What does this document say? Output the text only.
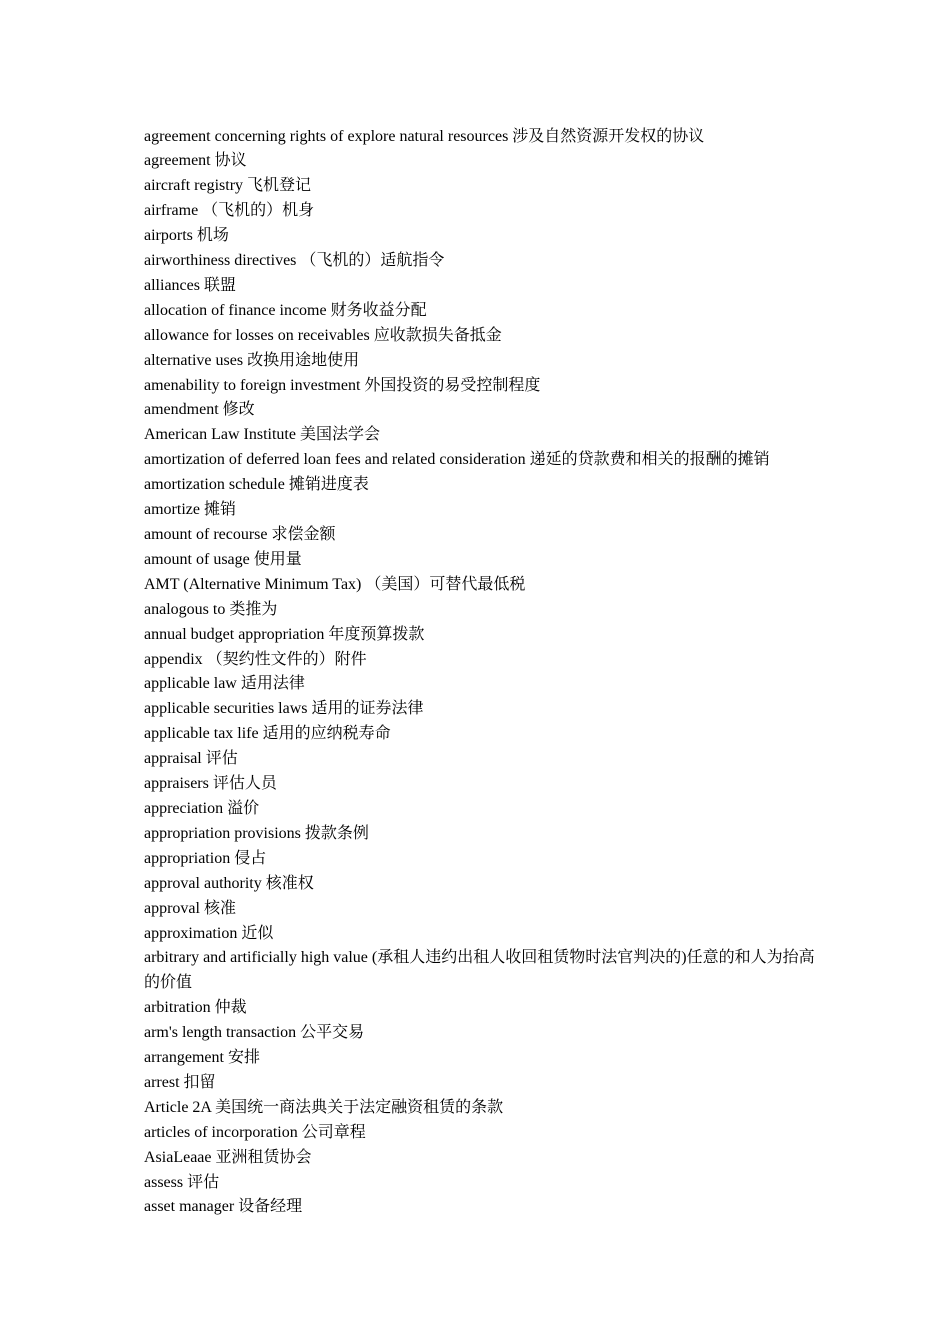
agreement concerning rights of explore natural resources 涉及自然资源开发权的协议
agreement 协议
aircraft registry 飞机登记
airframe （飞机的）机身
airports 机场
airworthiness directives （飞机的）适航指令
alliances 联盟
allocation of finance income 财务收益分配
allowance for losses on receivables 应收款损失备抵金
alternative uses 改换用途地使用
amenability to foreign investment 外国投资的易受控制程度
amendment 修改
American Law Institute 美国法学会
amortization of deferred loan fees and related consideration 递延的贷款费和相关的报酬的摊销
amortization schedule 摊销进度表
amortize 摊销
amount of recourse 求偿金额
amount of usage 使用量
AMT (Alternative Minimum Tax) （美国）可替代最低税
analogous to 类推为
annual budget appropriation 年度预算拨款
appendix （契约性文件的）附件
applicable law 适用法律
applicable securities laws 适用的证券法律
applicable tax life 适用的应纳税寿命
appraisal 评估
appraisers 评估人员
appreciation 溢价
appropriation provisions 拨款条例
appropriation 侵占
approval authority 核准权
approval 核准
approximation 近似
arbitrary and artificially high value (承租人违约出租人收回租赁物时法官判决的)任意的和人为抬高的价值
arbitration 仲裁
arm's length transaction 公平交易
arrangement 安排
arrest 扣留
Article 2A 美国统一商法典关于法定融资租赁的条款
articles of incorporation 公司章程
AsiaLeaae 亚洲租赁协会
assess 评估
asset manager 设备经理
